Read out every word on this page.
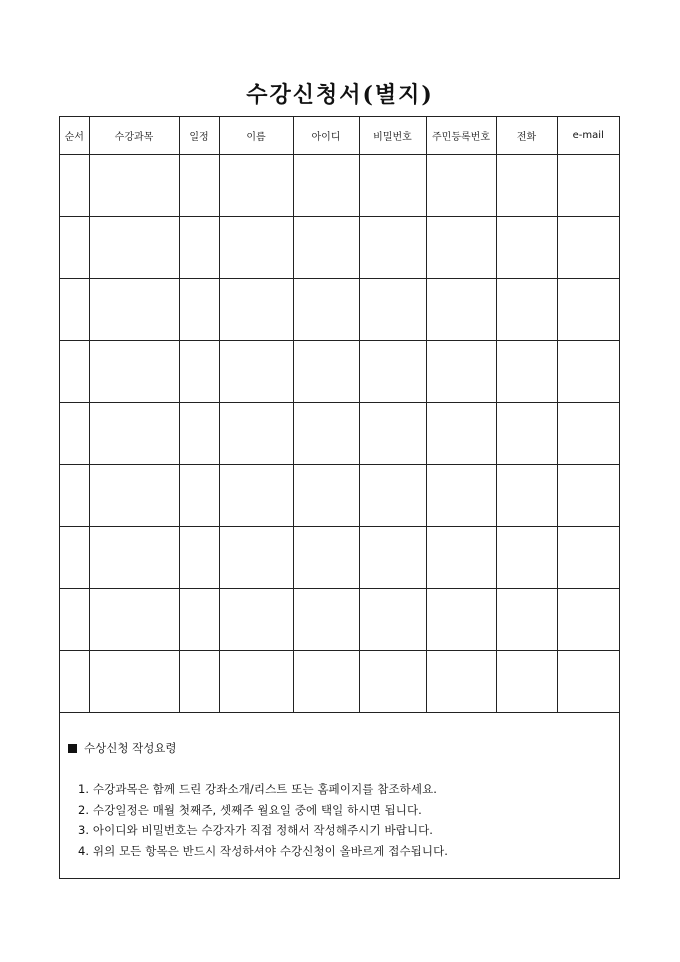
수강신청서(별지)
순서	수강과목	일정	이름	아이디	비밀번호	주민등록번호	전화	e-mail

수상신청 작성요령
1. 수강과목은 함께 드린 강좌소개/리스트 또는 홈페이지를 참조하세요.
2. 수강일정은 매월 첫째주, 셋째주 월요일 중에 택일 하시면 됩니다.
3. 아이디와 비밀번호는 수강자가 직접 정해서 작성해주시기 바랍니다.
4. 위의 모든 항목은 반드시 작성하셔야 수강신청이 올바르게 접수됩니다.
